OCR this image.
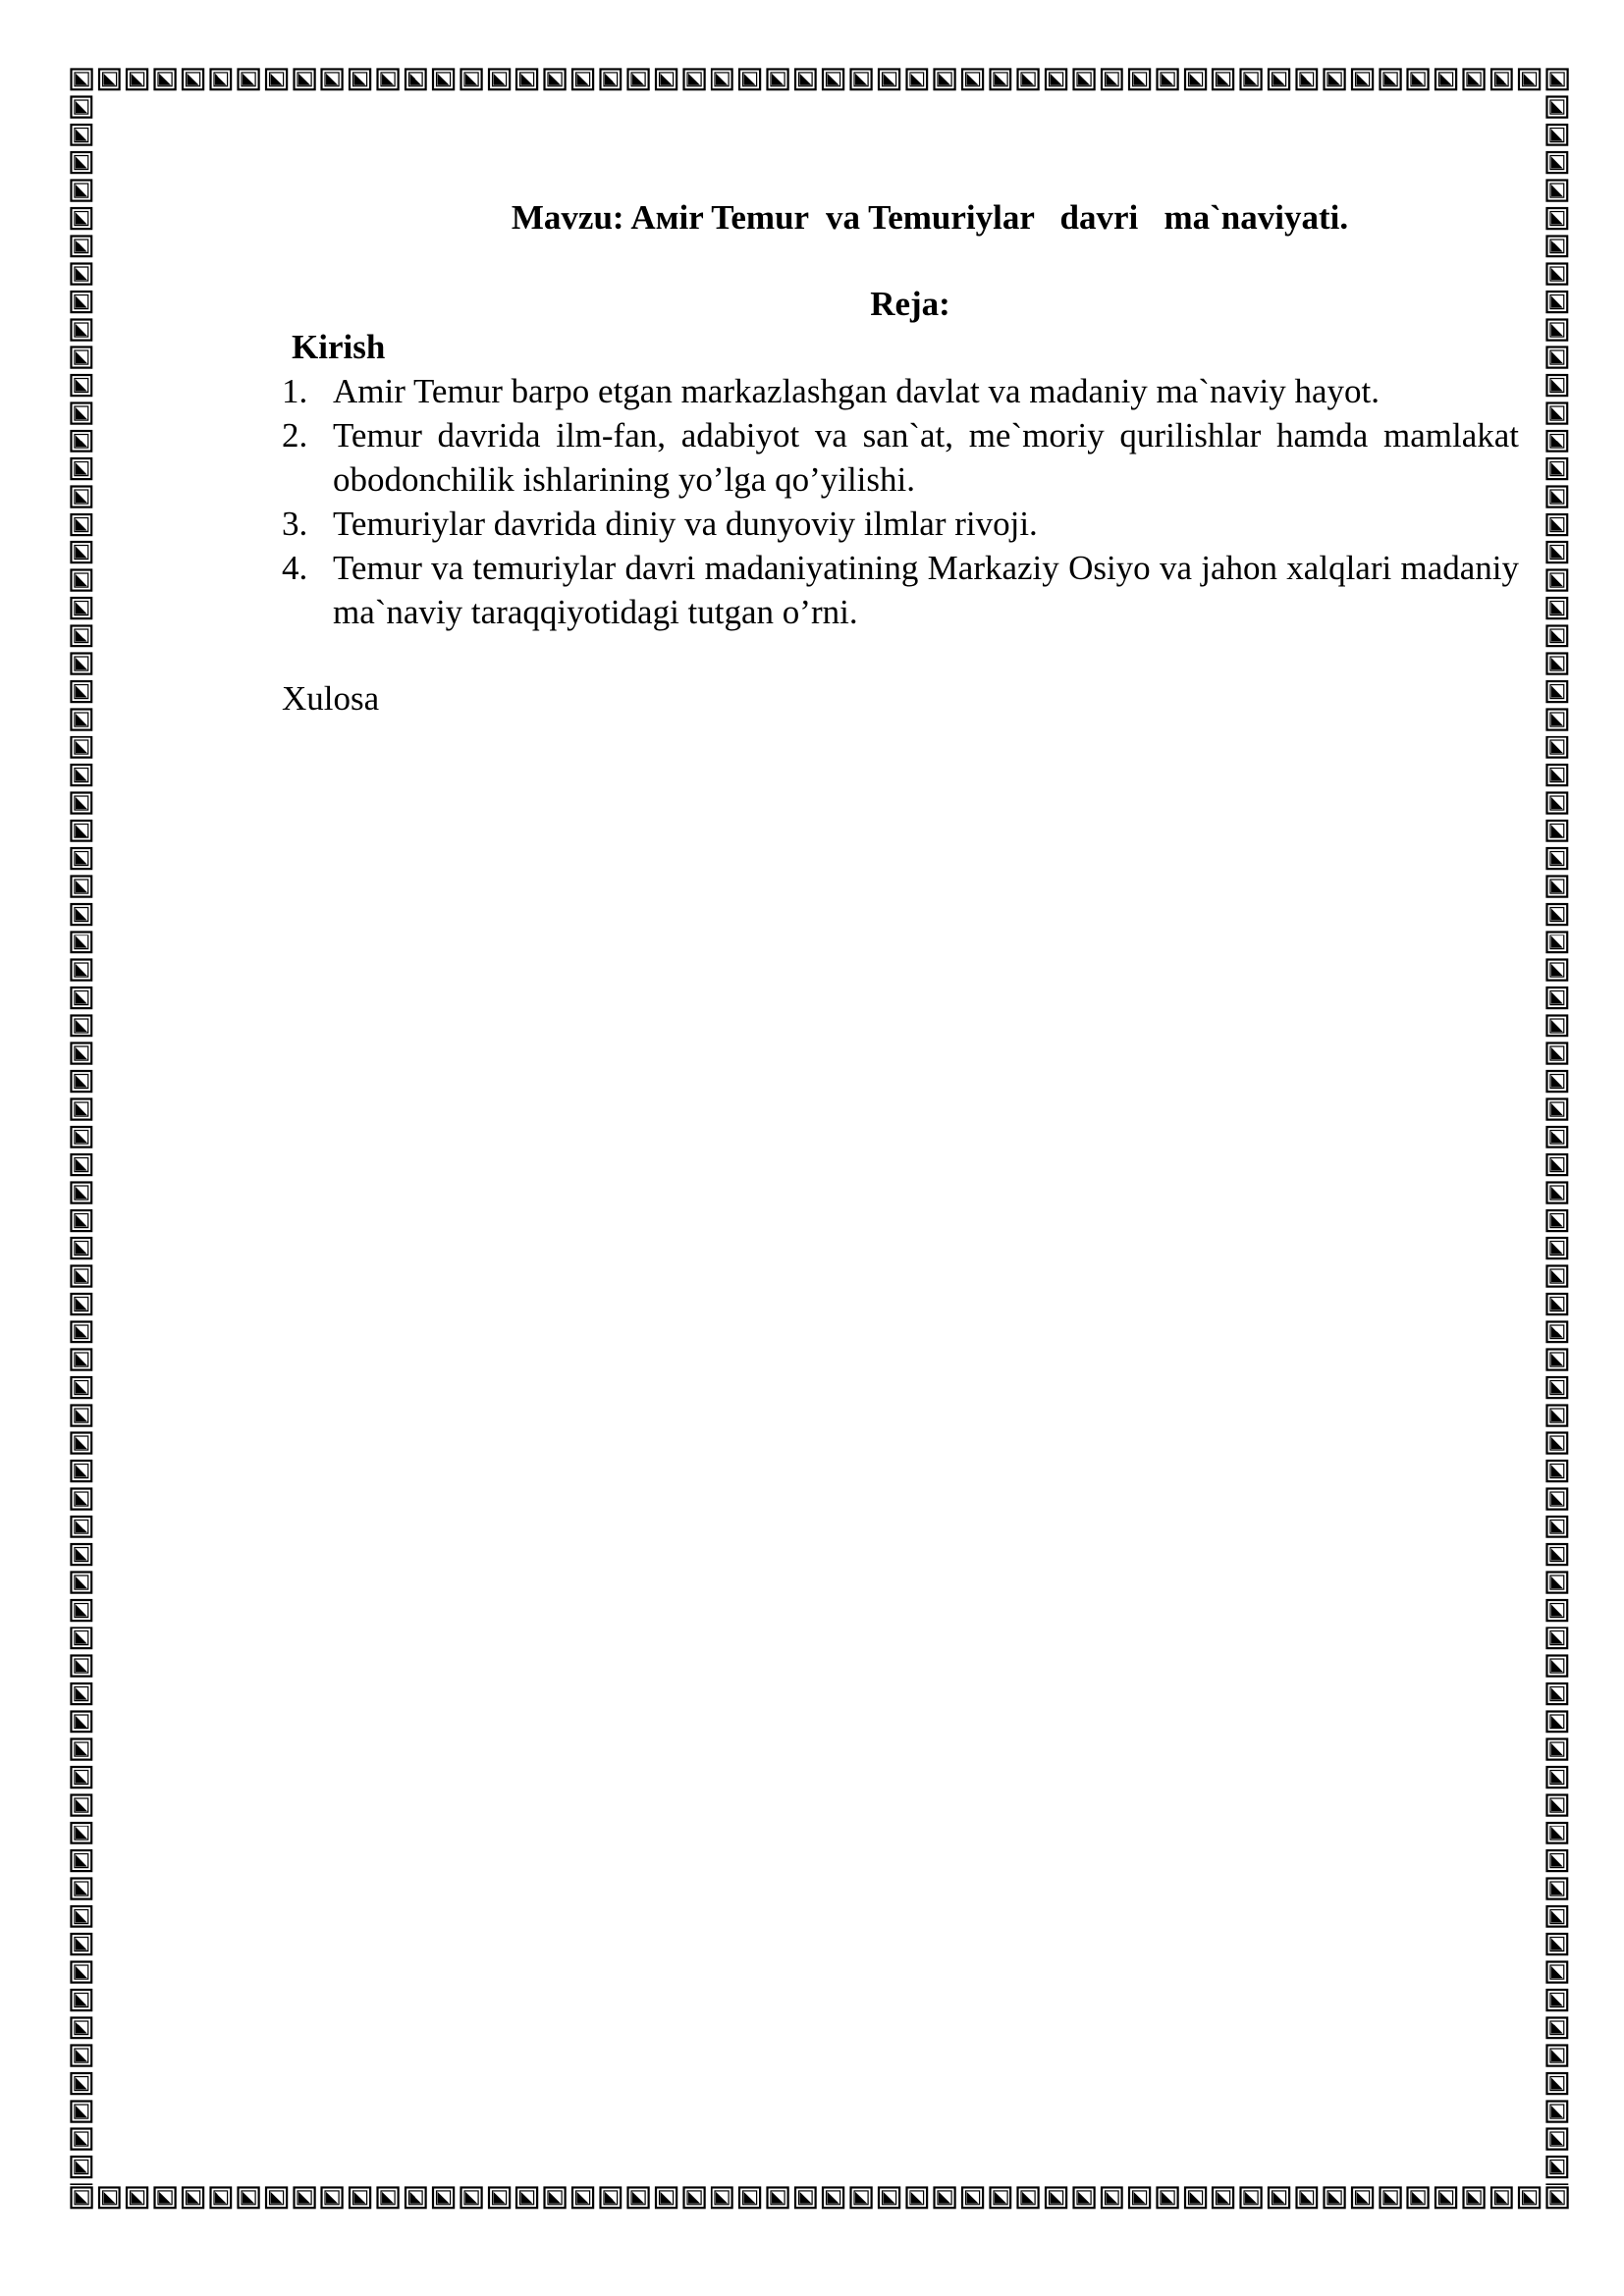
Mavzu: Aмir Temur  va Temuriylar   davri   ma`naviyati.
Reja:
Kirish
1. Amir Temur barpo etgan markazlashgan davlat va madaniy ma`naviy hayot.
2. Temur davrida ilm-fan, adabiyot va san`at, me`moriy qurilishlar hamda mamlakat obodonchilik ishlarining yo’lga qo’yilishi.
3. Temuriylar davrida diniy va dunyoviy ilmlar rivoji.
4. Temur va temuriylar davri madaniyatining Markaziy Osiyo va jahon xalqlari madaniy ma`naviy taraqqiyotidagi tutgan o’rni.
Xulosa
